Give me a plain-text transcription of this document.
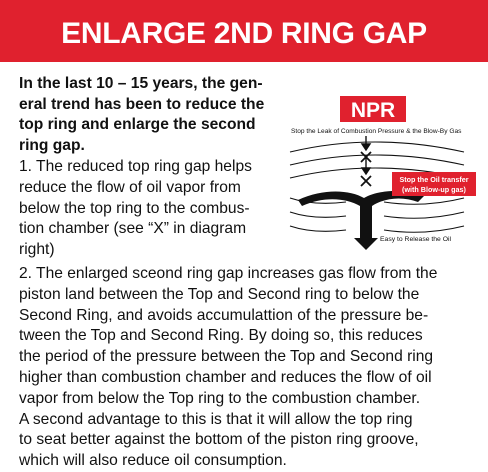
ENLARGE 2ND RING GAP
In the last 10 – 15 years, the gen-
eral trend has been to reduce the
top ring and enlarge the second
ring gap.
1. The reduced top ring gap helps
reduce the flow of oil vapor from
below the top ring to the combus-
tion chamber (see “X” in diagram
right)
NPR
Stop the Leak of Combustion Pressure & the Blow-By Gas
Stop the Oil transfer
(with Blow-up gas)
Easy to Release the Oil
2. The enlarged sceond ring gap increases gas flow from the
piston land between the Top and Second ring to below the
Second Ring, and avoids accumulattion of the pressure be-
tween the Top and Second Ring. By doing so, this reduces
the period of the pressure between the Top and Second ring
higher than combustion chamber and reduces the flow of oil
vapor from below the Top ring to the combustion chamber.
A second advantage to this is that it will allow the top ring
to seat better against the bottom of the piston ring groove,
which will also reduce oil consumption.
